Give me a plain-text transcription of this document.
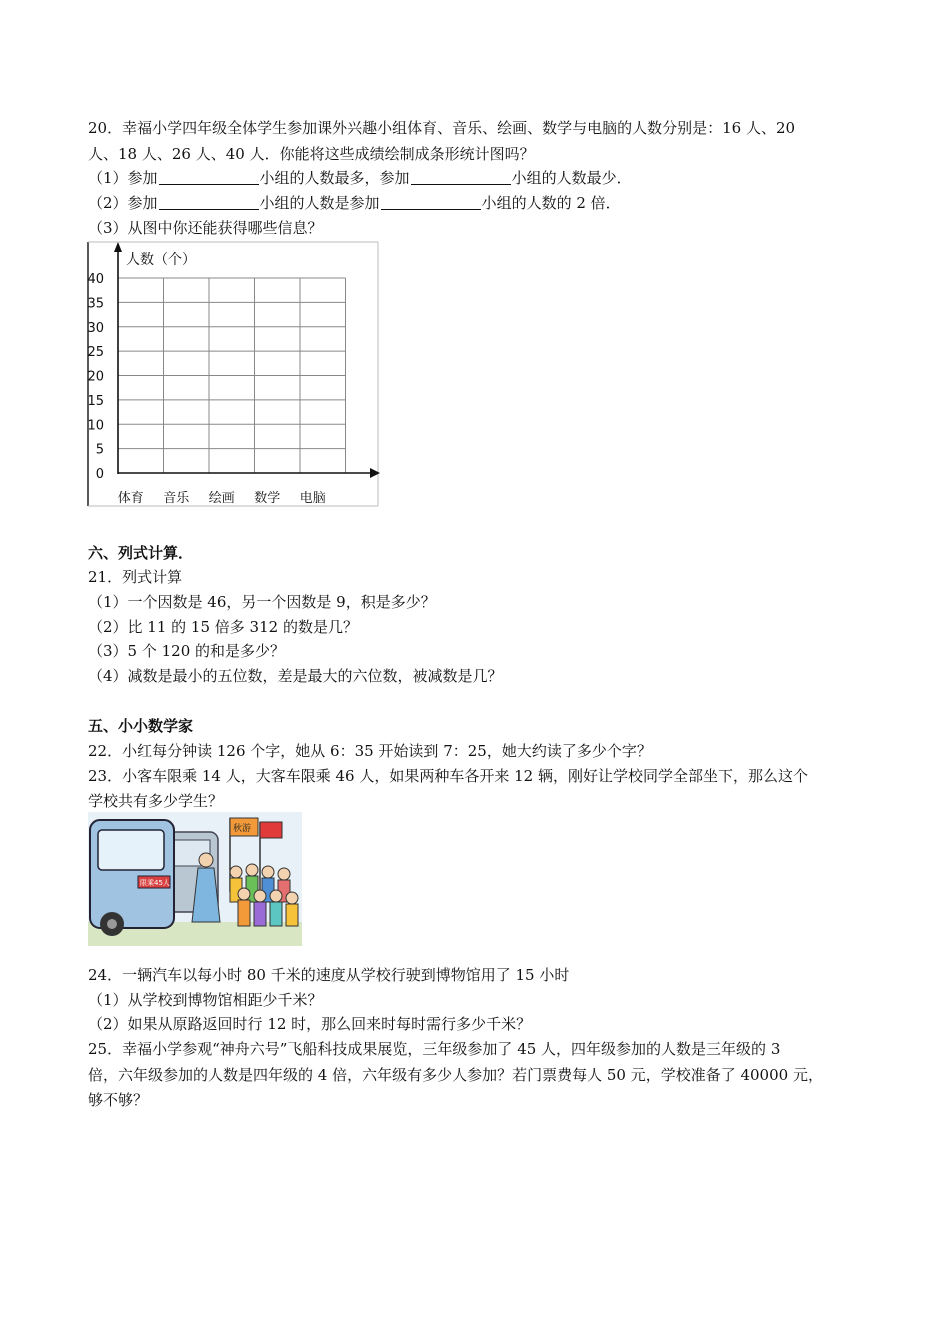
20．幸福小学四年级全体学生参加课外兴趣小组体育、音乐、绘画、数学与电脑的人数分别是：16 人、20
人、18 人、26 人、40 人．你能将这些成绩绘制成条形统计图吗？
（1）参加	小组的人数最多，参加	小组的人数最少．
（2）参加	小组的人数是参加	小组的人数的 2 倍．
（3）从图中你还能获得哪些信息？
0
5
10
15
20
25
30
35
40
体育 音乐 绘画 数学 电脑
人数（个）
六、列式计算．
21．列式计算
（1）一个因数是 46，另一个因数是 9，积是多少？
（2）比 11 的 15 倍多 312 的数是几？
（3）5 个 120 的和是多少？
（4）减数是最小的五位数，差是最大的六位数，被减数是几？
五、小小数学家
22．小红每分钟读 126 个字，她从 6：35 开始读到 7：25，她大约读了多少个字？
23．小客车限乘 14 人，大客车限乘 46 人，如果两种车各开来 12 辆，刚好让学校同学全部坐下，那么这个
学校共有多少学生？
限乘45人
秋游
24．一辆汽车以每小时 80 千米的速度从学校行驶到博物馆用了 15 小时
（1）从学校到博物馆相距少千米？
（2）如果从原路返回时行 12 时，那么回来时每时需行多少千米？
25．幸福小学参观“神舟六号”飞船科技成果展览，三年级参加了 45 人，四年级参加的人数是三年级的 3
倍，六年级参加的人数是四年级的 4 倍，六年级有多少人参加？若门票费每人 50 元，学校准备了 40000 元，
够不够？
